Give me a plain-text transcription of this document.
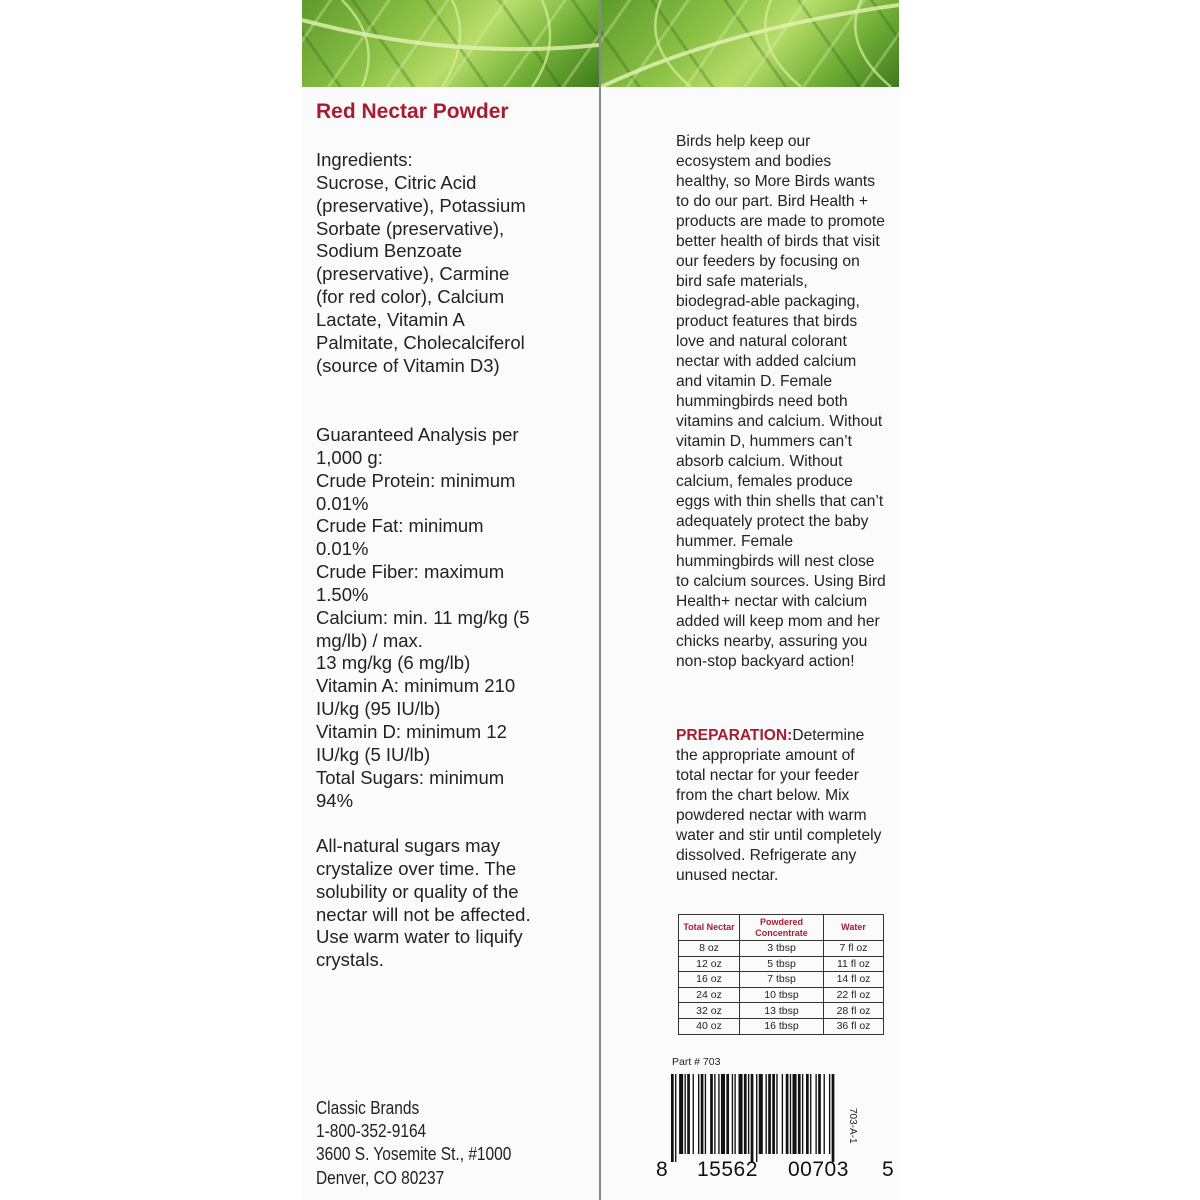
Red Nectar Powder

Ingredients:
Sucrose, Citric Acid (preservative), Potassium Sorbate (preservative), Sodium Benzoate (preservative), Carmine (for red color), Calcium Lactate, Vitamin A Palmitate, Cholecalciferol (source of Vitamin D3)

Guaranteed Analysis per 1,000 g:
Crude Protein: minimum 0.01%
Crude Fat: minimum 0.01%
Crude Fiber: maximum 1.50%
Calcium: min. 11 mg/kg (5 mg/lb) / max.
13 mg/kg (6 mg/lb)
Vitamin A: minimum 210 IU/kg (95 IU/lb)
Vitamin D: minimum 12 IU/kg (5 IU/lb)
Total Sugars: minimum 94%

All-natural sugars may crystalize over time. The solubility or quality of the nectar will not be affected. Use warm water to liquify crystals.

Classic Brands
1-800-352-9164
3600 S. Yosemite St., #1000
Denver, CO 80237

Birds help keep our ecosystem and bodies healthy, so More Birds wants to do our part. Bird Health + products are made to promote better health of birds that visit our feeders by focusing on bird safe materials, biodegrad-able packaging, product features that birds love and natural colorant nectar with added calcium and vitamin D. Female hummingbirds need both vitamins and calcium. Without vitamin D, hummers can’t absorb calcium. Without calcium, females produce eggs with thin shells that can’t adequately protect the baby hummer. Female hummingbirds will nest close to calcium sources. Using Bird Health+ nectar with calcium added will keep mom and her chicks nearby, assuring you non-stop backyard action!

PREPARATION:Determine the appropriate amount of total nectar for your feeder from the chart below. Mix powdered nectar with warm water and stir until completely dissolved. Refrigerate any unused nectar.

Total Nectar	Powdered Concentrate	Water
8 oz	3 tbsp	7 fl oz
12 oz	5 tbsp	11 fl oz
16 oz	7 tbsp	14 fl oz
24 oz	10 tbsp	22 fl oz
32 oz	13 tbsp	28 fl oz
40 oz	16 tbsp	36 fl oz

Part # 703

8 15562 00703 5
703-A-1
